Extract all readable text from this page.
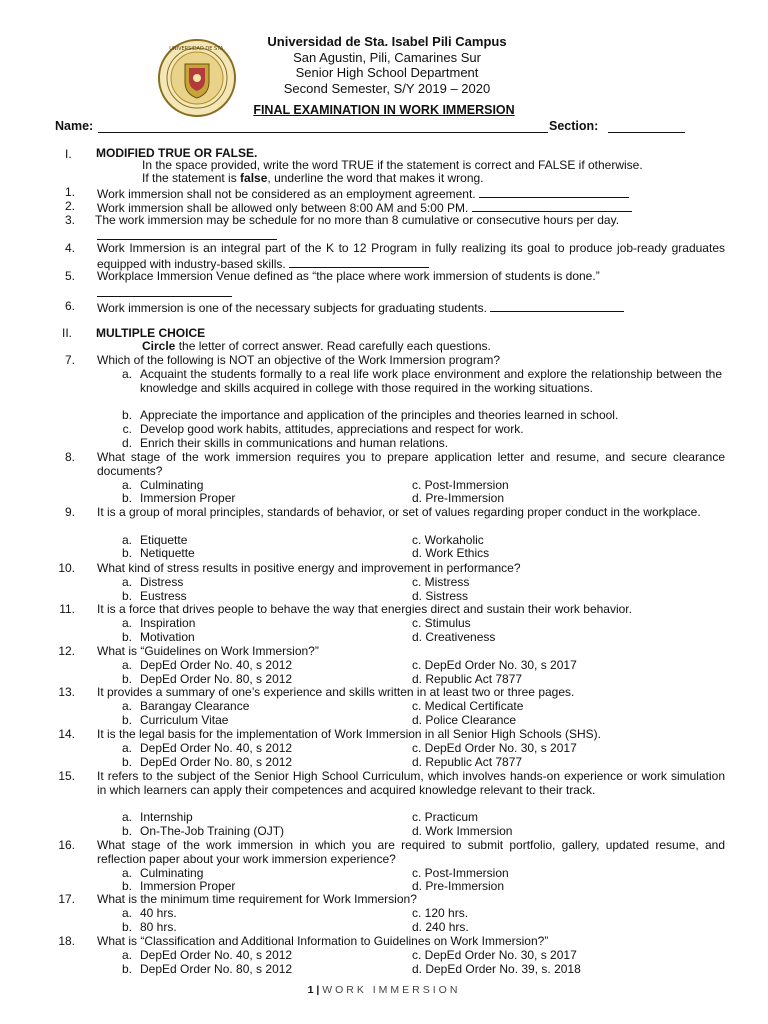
UNIVERSIDAD DE STA.	Universidad de Sta. Isabel Pili Campus
San Agustin, Pili, Camarines Sur
Senior High School Department
Second Semester, S/Y 2019 – 2020
FINAL EXAMINATION IN WORK IMMERSION
Name:	Section:
I. MODIFIED TRUE OR FALSE.
In the space provided, write the word TRUE if the statement is correct and FALSE if otherwise.
If the statement is false, underline the word that makes it wrong.
1. Work immersion shall not be considered as an employment agreement.
2. Work immersion shall be allowed only between 8:00 AM and 5:00 PM.
3. The work immersion may be schedule for no more than 8 cumulative or consecutive hours per day.
4. Work Immersion is an integral part of the K to 12 Program in fully realizing its goal to produce job-ready graduates equipped with industry-based skills.
5. Workplace Immersion Venue defined as “the place where work immersion of students is done.”
6. Work immersion is one of the necessary subjects for graduating students.
II. MULTIPLE CHOICE
Circle the letter of correct answer. Read carefully each questions.
7. Which of the following is NOT an objective of the Work Immersion program?
a. Acquaint the students formally to a real life work place environment and explore the relationship between the knowledge and skills acquired in college with those required in the working situations.
b. Appreciate the importance and application of the principles and theories learned in school.
c. Develop good work habits, attitudes, appreciations and respect for work.
d. Enrich their skills in communications and human relations.
8. What stage of the work immersion requires you to prepare application letter and resume, and secure clearance documents?
a. Culminating
b. Immersion Proper
c. Post-Immersion
d. Pre-Immersion
9. It is a group of moral principles, standards of behavior, or set of values regarding proper conduct in the workplace.
a. Etiquette
b. Netiquette
c. Workaholic
d. Work Ethics
10. What kind of stress results in positive energy and improvement in performance?
a. Distress
b. Eustress
c. Mistress
d. Sistress
11. It is a force that drives people to behave the way that energies direct and sustain their work behavior.
a. Inspiration
b. Motivation
c. Stimulus
d. Creativeness
12. What is “Guidelines on Work Immersion?”
a. DepEd Order No. 40, s 2012
b. DepEd Order No. 80, s 2012
c. DepEd Order No. 30, s 2017
d. Republic Act 7877
13. It provides a summary of one’s experience and skills written in at least two or three pages.
a. Barangay Clearance
b. Curriculum Vitae
c. Medical Certificate
d. Police Clearance
14. It is the legal basis for the implementation of Work Immersion in all Senior High Schools (SHS).
a. DepEd Order No. 40, s 2012
b. DepEd Order No. 80, s 2012
c. DepEd Order No. 30, s 2017
d. Republic Act 7877
15. It refers to the subject of the Senior High School Curriculum, which involves hands-on experience or work simulation in which learners can apply their competences and acquired knowledge relevant to their track.
a. Internship
b. On-The-Job Training (OJT)
c. Practicum
d. Work Immersion
16. What stage of the work immersion in which you are required to submit portfolio, gallery, updated resume, and reflection paper about your work immersion experience?
a. Culminating
b. Immersion Proper
c. Post-Immersion
d. Pre-Immersion
17. What is the minimum time requirement for Work Immersion?
a. 40 hrs.
b. 80 hrs.
c. 120 hrs.
d. 240 hrs.
18. What is “Classification and Additional Information to Guidelines on Work Immersion?”
a. DepEd Order No. 40, s 2012
b. DepEd Order No. 80, s 2012
c. DepEd Order No. 30, s 2017
d. DepEd Order No. 39, s. 2018
1 | WORK IMMERSION
